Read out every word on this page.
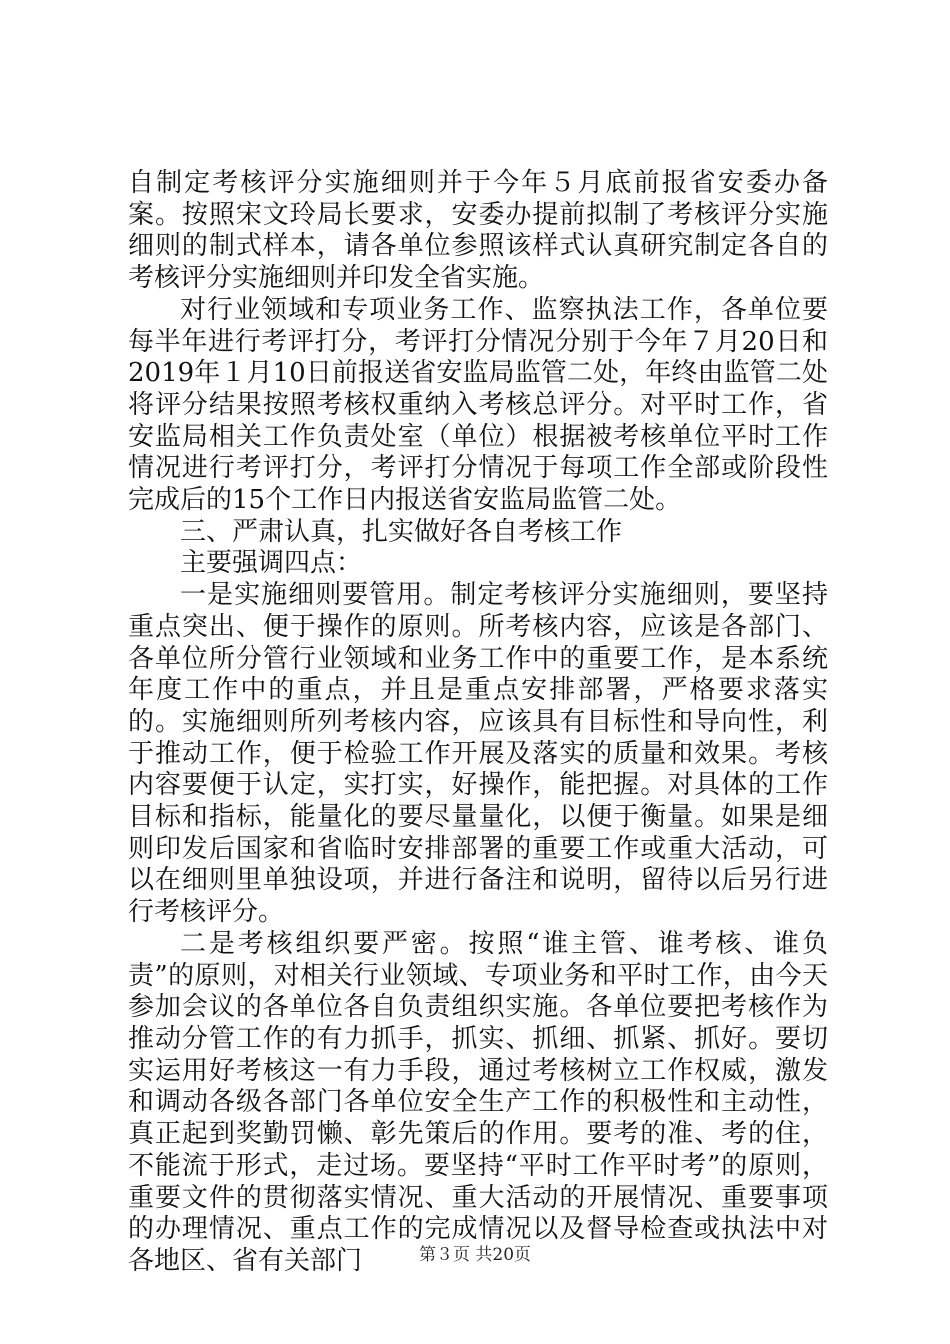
自制定考核评分实施细则并于今年５月底前报省安委办备案。按照宋文玲局长要求，安委办提前拟制了考核评分实施细则的制式样本，请各单位参照该样式认真研究制定各自的考核评分实施细则并印发全省实施。

对行业领域和专项业务工作、监察执法工作，各单位要每半年进行考评打分，考评打分情况分别于今年７月20日和2019年１月10日前报送省安监局监管二处，年终由监管二处将评分结果按照考核权重纳入考核总评分。对平时工作，省安监局相关工作负责处室（单位）根据被考核单位平时工作情况进行考评打分，考评打分情况于每项工作全部或阶段性完成后的15个工作日内报送省安监局监管二处。

三、严肃认真，扎实做好各自考核工作

主要强调四点：

一是实施细则要管用。制定考核评分实施细则，要坚持重点突出、便于操作的原则。所考核内容，应该是各部门、各单位所分管行业领域和业务工作中的重要工作，是本系统年度工作中的重点，并且是重点安排部署，严格要求落实的。实施细则所列考核内容，应该具有目标性和导向性，利于推动工作，便于检验工作开展及落实的质量和效果。考核内容要便于认定，实打实，好操作，能把握。对具体的工作目标和指标，能量化的要尽量量化，以便于衡量。如果是细则印发后国家和省临时安排部署的重要工作或重大活动，可以在细则里单独设项，并进行备注和说明，留待以后另行进行考核评分。

二是考核组织要严密。按照“谁主管、谁考核、谁负责”的原则，对相关行业领域、专项业务和平时工作，由今天参加会议的各单位各自负责组织实施。各单位要把考核作为推动分管工作的有力抓手，抓实、抓细、抓紧、抓好。要切实运用好考核这一有力手段，通过考核树立工作权威，激发和调动各级各部门各单位安全生产工作的积极性和主动性，真正起到奖勤罚懒、彰先策后的作用。要考的准、考的住，不能流于形式，走过场。要坚持“平时工作平时考”的原则，重要文件的贯彻落实情况、重大活动的开展情况、重要事项的办理情况、重点工作的完成情况以及督导检查或执法中对各地区、省有关部门	第３页 共20页
